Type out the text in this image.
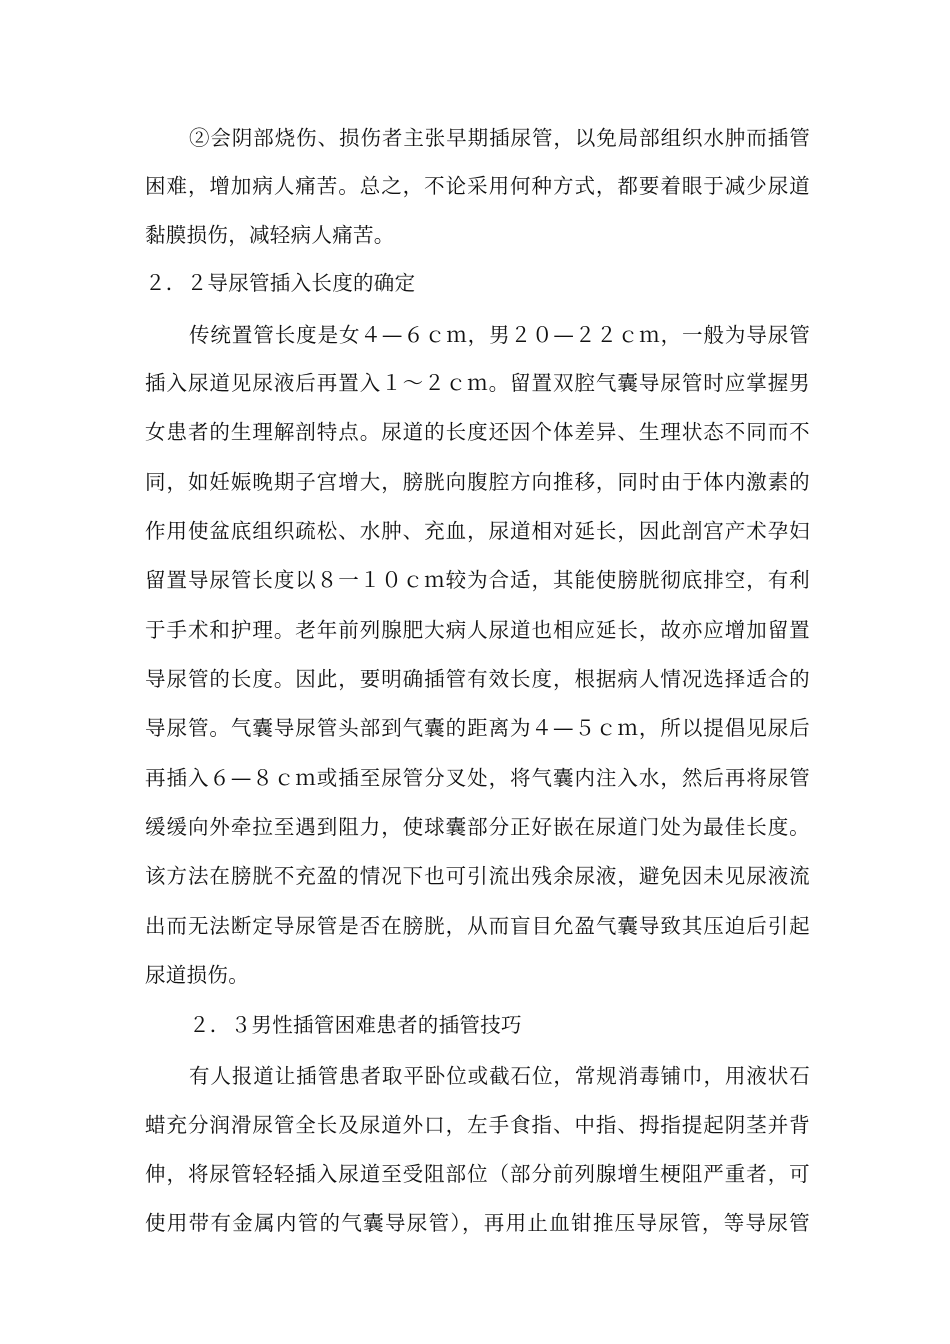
②会阴部烧伤、损伤者主张早期插尿管，以免局部组织水肿而插管
困难，增加病人痛苦。总之，不论采用何种方式，都要着眼于减少尿道
黏膜损伤，减轻病人痛苦。
２．２导尿管插入长度的确定
传统置管长度是女４—６ｃｍ，男２０—２２ｃｍ，一般为导尿管
插入尿道见尿液后再置入１～２ｃｍ。留置双腔气囊导尿管时应掌握男
女患者的生理解剖特点。尿道的长度还因个体差异、生理状态不同而不
同，如妊娠晚期子宫增大，膀胱向腹腔方向推移，同时由于体内激素的
作用使盆底组织疏松、水肿、充血，尿道相对延长，因此剖宫产术孕妇
留置导尿管长度以８一１０ｃｍ较为合适，其能使膀胱彻底排空，有利
于手术和护理。老年前列腺肥大病人尿道也相应延长，故亦应增加留置
导尿管的长度。因此，要明确插管有效长度，根据病人情况选择适合的
导尿管。气囊导尿管头部到气囊的距离为４—５ｃｍ，所以提倡见尿后
再插入６—８ｃｍ或插至尿管分叉处，将气囊内注入水，然后再将尿管
缓缓向外牵拉至遇到阻力，使球囊部分正好嵌在尿道门处为最佳长度。
该方法在膀胱不充盈的情况下也可引流出残余尿液，避免因未见尿液流
出而无法断定导尿管是否在膀胱，从而盲目允盈气囊导致其压迫后引起
尿道损伤。
２．３男性插管困难患者的插管技巧
有人报道让插管患者取平卧位或截石位，常规消毒铺巾，用液状石
蜡充分润滑尿管全长及尿道外口，左手食指、中指、拇指提起阴茎并背
伸，将尿管轻轻插入尿道至受阻部位（部分前列腺增生梗阻严重者，可
使用带有金属内管的气囊导尿管），再用止血钳推压导尿管，等导尿管
